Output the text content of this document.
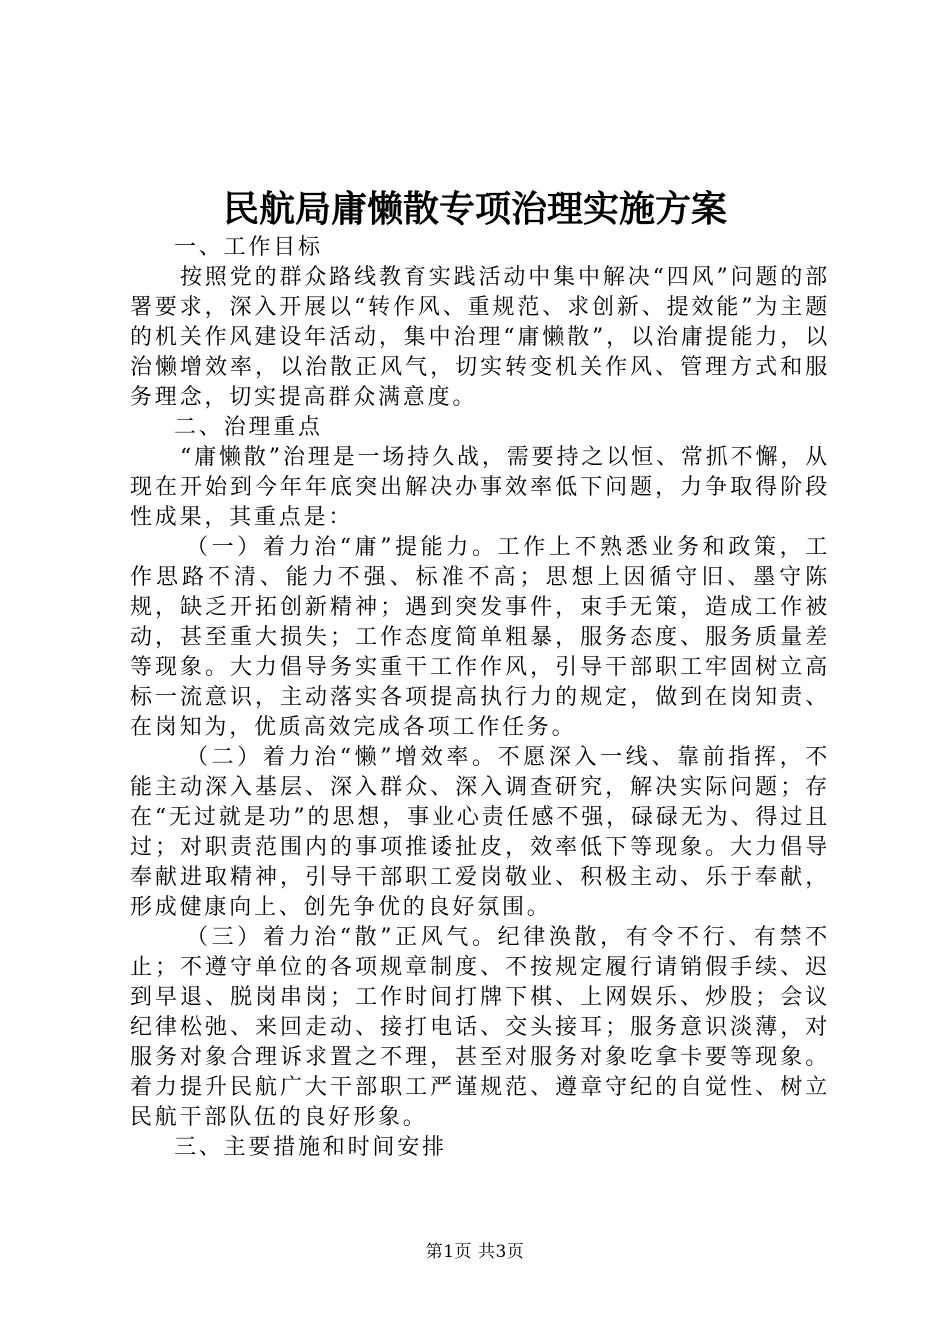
民航局庸懒散专项治理实施方案

一、工作目标

按照党的群众路线教育实践活动中集中解决“四风”问题的部署要求，深入开展以“转作风、重规范、求创新、提效能”为主题的机关作风建设年活动，集中治理“庸懒散”，以治庸提能力，以治懒增效率，以治散正风气，切实转变机关作风、管理方式和服务理念，切实提高群众满意度。

二、治理重点

“庸懒散”治理是一场持久战，需要持之以恒、常抓不懈，从现在开始到今年年底突出解决办事效率低下问题，力争取得阶段性成果，其重点是：

（一）着力治“庸”提能力。工作上不熟悉业务和政策，工作思路不清、能力不强、标准不高；思想上因循守旧、墨守陈规，缺乏开拓创新精神；遇到突发事件，束手无策，造成工作被动，甚至重大损失；工作态度简单粗暴，服务态度、服务质量差等现象。大力倡导务实重干工作作风，引导干部职工牢固树立高标一流意识，主动落实各项提高执行力的规定，做到在岗知责、在岗知为，优质高效完成各项工作任务。

（二）着力治“懒”增效率。不愿深入一线、靠前指挥，不能主动深入基层、深入群众、深入调查研究，解决实际问题；存在“无过就是功”的思想，事业心责任感不强，碌碌无为、得过且过；对职责范围内的事项推诿扯皮，效率低下等现象。大力倡导奉献进取精神，引导干部职工爱岗敬业、积极主动、乐于奉献，形成健康向上、创先争优的良好氛围。

（三）着力治“散”正风气。纪律涣散，有令不行、有禁不止；不遵守单位的各项规章制度、不按规定履行请销假手续、迟到早退、脱岗串岗；工作时间打牌下棋、上网娱乐、炒股；会议纪律松弛、来回走动、接打电话、交头接耳；服务意识淡薄，对服务对象合理诉求置之不理，甚至对服务对象吃拿卡要等现象。着力提升民航广大干部职工严谨规范、遵章守纪的自觉性、树立民航干部队伍的良好形象。

三、主要措施和时间安排

第1页 共3页
